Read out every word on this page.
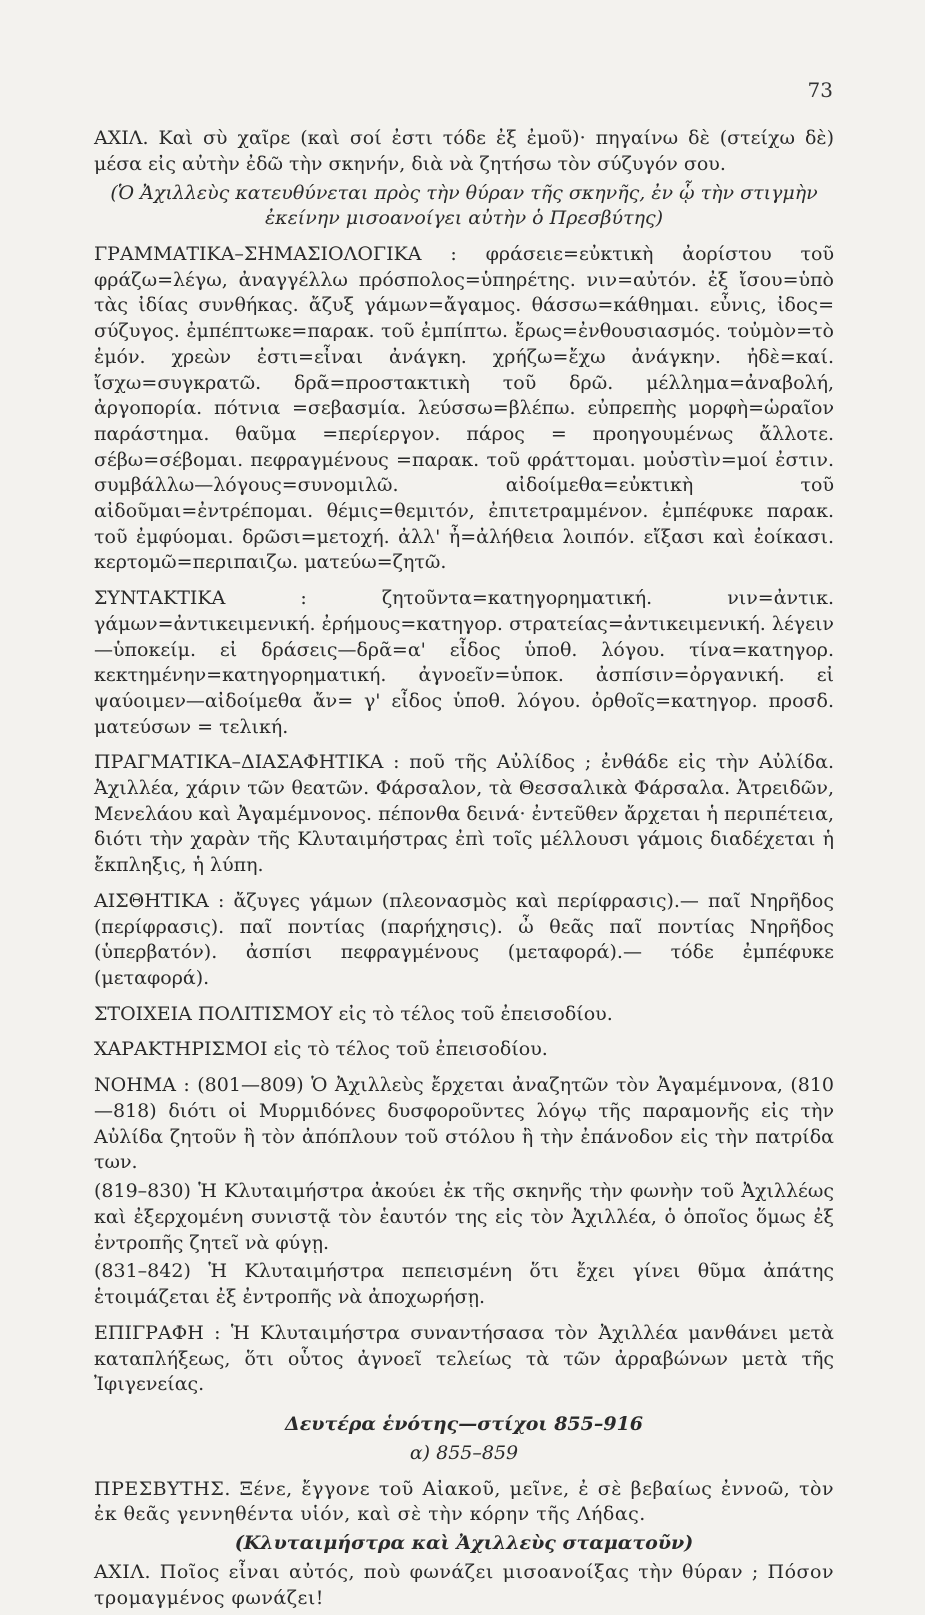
73

ΑΧΙΛ. Καὶ σὺ χαῖρε (καὶ σοί ἐστι τόδε ἐξ ἐμοῦ)· πηγαίνω δὲ (στείχω δὲ) μέσα εἰς αὐτὴν ἐδῶ τὴν σκηνήν, διὰ νὰ ζητήσω τὸν σύζυγόν σου.

(Ὁ Ἀχιλλεὺς κατευθύνεται πρὸς τὴν θύραν τῆς σκηνῆς, ἐν ᾧ τὴν στιγμὴν ἐκείνην μισοανοίγει αὐτὴν ὁ Πρεσβύτης)

ΓΡΑΜΜΑΤΙΚΑ–ΣΗΜΑΣΙΟΛΟΓΙΚΑ : φράσειε=εὐκτικὴ ἀορίστου τοῦ φράζω=λέγω, ἀναγγέλλω πρόσπολος=ὑπηρέτης. νιν=αὐτόν. ἐξ ἴσου=ὑπὸ τὰς ἰδίας συνθήκας. ἄζυξ γάμων=ἄγαμος. θάσσω=κάθημαι. εὖνις, ἰδος= σύζυγος. ἐμπέπτωκε=παρακ. τοῦ ἐμπίπτω. ἔρως=ἐνθουσιασμός. τοὐμὸν=τὸ ἐμόν. χρεὼν ἐστι=εἶναι ἀνάγκη. χρήζω=ἔχω ἀνάγκην. ἠδὲ=καί. ἴσχω=συγκρατῶ. δρᾶ=προστακτικὴ τοῦ δρῶ. μέλλημα=ἀναβολή, ἀργοπορία. πότνια =σεβασμία. λεύσσω=βλέπω. εὐπρεπὴς μορφὴ=ὡραῖον παράστημα. θαῦμα =περίεργον. πάρος = προηγουμένως ἄλλοτε. σέβω=σέβομαι. πεφραγμένους =παρακ. τοῦ φράττομαι. μοὐστὶν=μοί ἐστιν. συμβάλλω—λόγους=συνομιλῶ. αἰδοίμεθα=εὐκτικὴ τοῦ αἰδοῦμαι=ἐντρέπομαι. θέμις=θεμιτόν, ἐπιτετραμμένον. ἐμπέφυκε παρακ. τοῦ ἐμφύομαι. δρῶσι=μετοχή. ἀλλ' ἦ=ἀλήθεια λοιπόν. εἴξασι καὶ ἐοίκασι. κερτομῶ=περιπαιζω. ματεύω=ζητῶ.

ΣΥΝΤΑΚΤΙΚΑ : ζητοῦντα=κατηγορηματική. νιν=ἀντικ. γάμων=ἀντικειμενική. ἐρήμους=κατηγορ. στρατείας=ἀντικειμενική. λέγειν—ὑποκείμ. εἰ δράσεις—δρᾶ=α' εἶδος ὑποθ. λόγου. τίνα=κατηγορ. κεκτημένην=κατηγορηματική. ἀγνοεῖν=ὑποκ. ἀσπίσιν=ὀργανική. εἰ ψαύοιμεν—αἰδοίμεθα ἄν= γ' εἶδος ὑποθ. λόγου. ὀρθοῖς=κατηγορ. προσδ. ματεύσων = τελική.

ΠΡΑΓΜΑΤΙΚΑ–ΔΙΑΣΑΦΗΤΙΚΑ : ποῦ τῆς Αὐλίδος ; ἐνθάδε εἰς τὴν Αὐλίδα. Ἀχιλλέα, χάριν τῶν θεατῶν. Φάρσαλον, τὰ Θεσσαλικὰ Φάρσαλα. Ἀτρειδῶν, Μενελάου καὶ Ἀγαμέμνονος. πέπονθα δεινά· ἐντεῦθεν ἄρχεται ἡ περιπέτεια, διότι τὴν χαρὰν τῆς Κλυταιμήστρας ἐπὶ τοῖς μέλλουσι γάμοις διαδέχεται ἡ ἔκπληξις, ἡ λύπη.

ΑΙΣΘΗΤΙΚΑ : ἄζυγες γάμων (πλεονασμὸς καὶ περίφρασις).— παῖ Νηρῆδος (περίφρασις). παῖ ποντίας (παρήχησις). ὦ θεᾶς παῖ ποντίας Νηρῆδος (ὑπερβατόν). ἀσπίσι πεφραγμένους (μεταφορά).— τόδε ἐμπέφυκε (μεταφορά).

ΣΤΟΙΧΕΙΑ ΠΟΛΙΤΙΣΜΟΥ εἰς τὸ τέλος τοῦ ἐπεισοδίου.

ΧΑΡΑΚΤΗΡΙΣΜΟΙ εἰς τὸ τέλος τοῦ ἐπεισοδίου.

ΝΟΗΜΑ : (801—809) Ὁ Ἀχιλλεὺς ἔρχεται ἀναζητῶν τὸν Ἀγαμέμνονα, (810—818) διότι οἱ Μυρμιδόνες δυσφοροῦντες λόγῳ τῆς παραμονῆς εἰς τὴν Αὐλίδα ζητοῦν ἢ τὸν ἀπόπλουν τοῦ στόλου ἢ τὴν ἐπάνοδον εἰς τὴν πατρίδα των.

(819–830) Ἡ Κλυταιμήστρα ἀκούει ἐκ τῆς σκηνῆς τὴν φωνὴν τοῦ Ἀχιλλέως καὶ ἐξερχομένη συνιστᾷ τὸν ἑαυτόν της εἰς τὸν Ἀχιλλέα, ὁ ὁποῖος ὅμως ἐξ ἐντροπῆς ζητεῖ νὰ φύγῃ.

(831–842) Ἡ Κλυταιμήστρα πεπεισμένη ὅτι ἔχει γίνει θῦμα ἀπάτης ἑτοιμάζεται ἐξ ἐντροπῆς νὰ ἀποχωρήσῃ.

ΕΠΙΓΡΑΦΗ : Ἡ Κλυταιμήστρα συναντήσασα τὸν Ἀχιλλέα μανθάνει μετὰ καταπλήξεως, ὅτι οὗτος ἀγνοεῖ τελείως τὰ τῶν ἀρραβώνων μετὰ τῆς Ἰφιγενείας.

Δευτέρα ἑνότης—στίχοι 855–916

α) 855–859

ΠΡΕΣΒΥΤΗΣ. Ξένε, ἔγγονε τοῦ Αἰακοῦ, μεῖνε, ἐ σὲ βεβαίως ἐννοῶ, τὸν ἐκ θεᾶς γεννηθέντα υἱόν, καὶ σὲ τὴν κόρην τῆς Λήδας.

(Κλυταιμήστρα καὶ Ἀχιλλεὺς σταματοῦν)

ΑΧΙΛ. Ποῖος εἶναι αὐτός, ποὺ φωνάζει μισοανοίξας τὴν θύραν ; Πόσον τρομαγμένος φωνάζει!
